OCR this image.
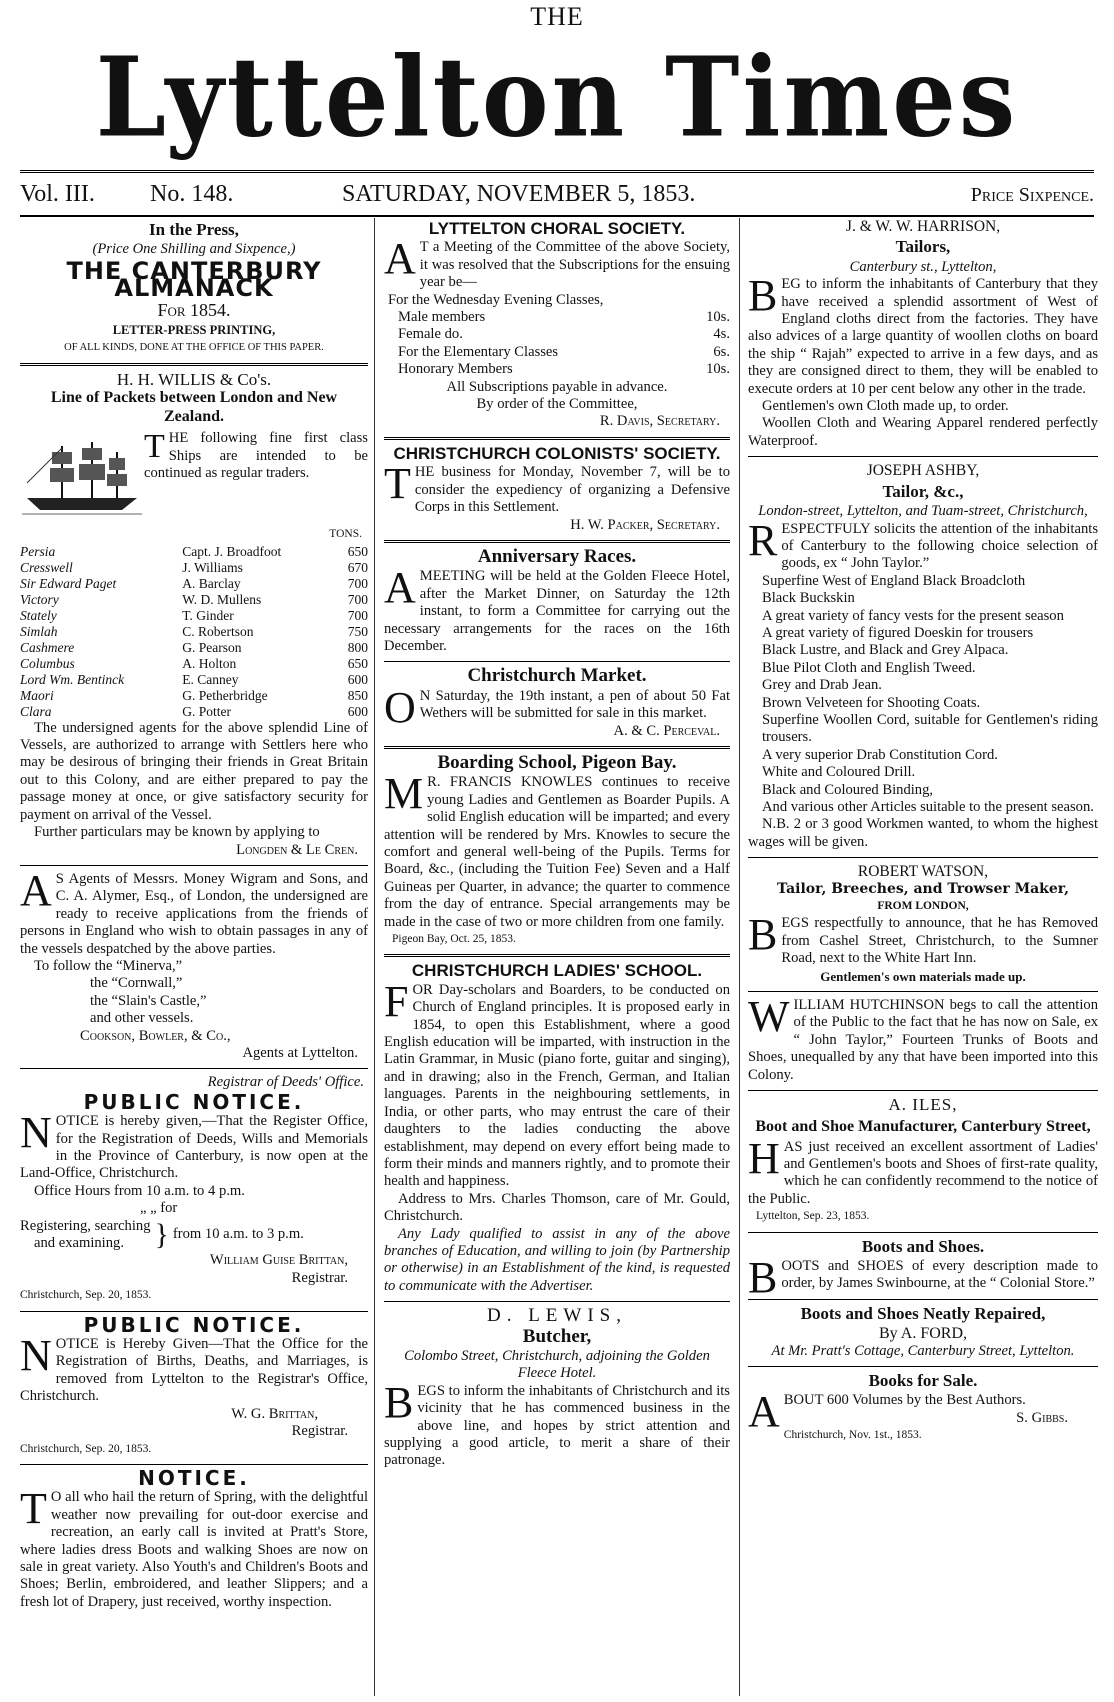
THE
Lyttelton Times
Vol. III. No. 148.	SATURDAY, NOVEMBER 5, 1853.	Price Sixpence.
In the Press,

(Price One Shilling and Sixpence,)

THE CANTERBURY ALMANACK

For 1854.

LETTER-PRESS PRINTING,

OF ALL KINDS, DONE AT THE OFFICE OF THIS PAPER.

H. H. WILLIS & Co's.

Line of Packets between London and New Zealand.

THE following fine first class Ships are intended to be continued as regular traders.

TONS.

Persia	Capt. J. Broadfoot	650
Cresswell	J. Williams	670
Sir Edward Paget	A. Barclay	700
Victory	W. D. Mullens	700
Stately	T. Ginder	700
Simlah	C. Robertson	750
Cashmere	G. Pearson	800
Columbus	A. Holton	650
Lord Wm. Bentinck	E. Canney	600
Maori	G. Petherbridge	850
Clara	G. Potter	600

The undersigned agents for the above splendid Line of Vessels, are authorized to arrange with Settlers here who may be desirous of bringing their friends in Great Britain out to this Colony, and are either prepared to pay the passage money at once, or give satisfactory security for payment on arrival of the Vessel.

Further particulars may be known by applying to

Longden & Le Cren.

A S Agents of Messrs. Money Wigram and Sons, and C. A. Alymer, Esq., of London, the undersigned are ready to receive applications from the friends of persons in England who wish to obtain passages in any of the vessels despatched by the above parties.

To follow the “Minerva,”

the “Cornwall,”

the “Slain's Castle,”

and other vessels.

Cookson, Bowler, & Co.,

Agents at Lyttelton.

Registrar of Deeds' Office.

PUBLIC NOTICE.

NOTICE is hereby given,—That the Register Office, for the Registration of Deeds, Wills and Memorials in the Province of Canterbury, is now open at the Land-Office, Christchurch.

Office Hours from 10 a.m. to 4 p.m.

„ „ for

Registering, searching

and examining.	} from 10 a.m. to 3 p.m.

William Guise Brittan,

Registrar.

Christchurch, Sep. 20, 1853.

PUBLIC NOTICE.

NOTICE is Hereby Given—That the Office for the Registration of Births, Deaths, and Marriages, is removed from Lyttelton to the Registrar's Office, Christchurch.

W. G. Brittan,

Registrar.

Christchurch, Sep. 20, 1853.

NOTICE.

T O all who hail the return of Spring, with the delightful weather now prevailing for out-door exercise and recreation, an early call is invited at Pratt's Store, where ladies dress Boots and walking Shoes are now on sale in great variety. Also Youth's and Children's Boots and Shoes; Berlin, embroidered, and leather Slippers; and a fresh lot of Drapery, just received, worthy inspection.

LYTTELTON CHORAL SOCIETY.

A T a Meeting of the Committee of the above Society, it was resolved that the Subscriptions for the ensuing year be—

For the Wednesday Evening Classes,
Male members	10s.
Female do.	4s.
For the Elementary Classes	6s.
Honorary Members	10s.

All Subscriptions payable in advance.

By order of the Committee,

R. Davis, Secretary.

CHRISTCHURCH COLONISTS' SOCIETY.

THE business for Monday, November 7, will be to consider the expediency of organizing a Defensive Corps in this Settlement.

H. W. Packer, Secretary.

Anniversary Races.

AMEETING will be held at the Golden Fleece Hotel, after the Market Dinner, on Saturday the 12th instant, to form a Committee for carrying out the necessary arrangements for the races on the 16th December.

Christchurch Market.

O N Saturday, the 19th instant, a pen of about 50 Fat Wethers will be submitted for sale in this market.

A. & C. Perceval.

Boarding School, Pigeon Bay.

M R. FRANCIS KNOWLES continues to receive young Ladies and Gentlemen as Boarder Pupils. A solid English education will be imparted; and every attention will be rendered by Mrs. Knowles to secure the comfort and general well-being of the Pupils. Terms for Board, &c., (including the Tuition Fee) Seven and a Half Guineas per Quarter, in advance; the quarter to commence from the day of entrance. Special arrangements may be made in the case of two or more children from one family.

Pigeon Bay, Oct. 25, 1853.

CHRISTCHURCH LADIES' SCHOOL.

FOR Day-scholars and Boarders, to be conducted on Church of England principles. It is proposed early in 1854, to open this Establishment, where a good English education will be imparted, with instruction in the Latin Grammar, in Music (piano forte, guitar and singing), and in drawing; also in the French, German, and Italian languages. Parents in the neighbouring settlements, in India, or other parts, who may entrust the care of their daughters to the ladies conducting the above establishment, may depend on every effort being made to form their minds and manners rightly, and to promote their health and happiness.

Address to Mrs. Charles Thomson, care of Mr. Gould, Christchurch.

Any Lady qualified to assist in any of the above branches of Education, and willing to join (by Partnership or otherwise) in an Establishment of the kind, is requested to communicate with the Advertiser.

D. LEWIS,

Butcher,

Colombo Street, Christchurch, adjoining the Golden Fleece Hotel.

BEGS to inform the inhabitants of Christchurch and its vicinity that he has commenced business in the above line, and hopes by strict attention and supplying a good article, to merit a share of their patronage.

J. & W. W. HARRISON,

Tailors,

Canterbury st., Lyttelton,

BEG to inform the inhabitants of Canterbury that they have received a splendid assortment of West of England cloths direct from the factories. They have also advices of a large quantity of woollen cloths on board the ship “ Rajah” expected to arrive in a few days, and as they are consigned direct to them, they will be enabled to execute orders at 10 per cent below any other in the trade.

Gentlemen's own Cloth made up, to order.

Woollen Cloth and Wearing Apparel rendered perfectly Waterproof.

JOSEPH ASHBY,

Tailor, &c.,

London-street, Lyttelton, and Tuam-street, Christchurch,

RESPECTFULY solicits the attention of the inhabitants of Canterbury to the following choice selection of goods, ex “ John Taylor.”

Superfine West of England Black Broadcloth

Black Buckskin

A great variety of fancy vests for the present season

A great variety of figured Doeskin for trousers

Black Lustre, and Black and Grey Alpaca.

Blue Pilot Cloth and English Tweed.

Grey and Drab Jean.

Brown Velveteen for Shooting Coats.

Superfine Woollen Cord, suitable for Gentlemen's riding trousers.

A very superior Drab Constitution Cord.

White and Coloured Drill.

Black and Coloured Binding,

And various other Articles suitable to the present season.

N.B. 2 or 3 good Workmen wanted, to whom the highest wages will be given.

ROBERT WATSON,

Tailor, Breeches, and Trowser Maker,

FROM LONDON,

BEGS respectfully to announce, that he has Removed from Cashel Street, Christchurch, to the Sumner Road, next to the White Hart Inn.

Gentlemen's own materials made up.

WILLIAM HUTCHINSON begs to call the attention of the Public to the fact that he has now on Sale, ex “ John Taylor,” Fourteen Trunks of Boots and Shoes, unequalled by any that have been imported into this Colony.

A. ILES,

Boot and Shoe Manufacturer, Canterbury Street,

HAS just received an excellent assortment of Ladies' and Gentlemen's boots and Shoes of first-rate quality, which he can confidently recommend to the notice of the Public.

Lyttelton, Sep. 23, 1853.

Boots and Shoes.

BOOTS and SHOES of every description made to order, by James Swinbourne, at the “ Colonial Store.”

Boots and Shoes Neatly Repaired,

By A. FORD,

At Mr. Pratt's Cottage, Canterbury Street, Lyttelton.

Books for Sale.

ABOUT 600 Volumes by the Best Authors.

S. Gibbs.

Christchurch, Nov. 1st., 1853.
